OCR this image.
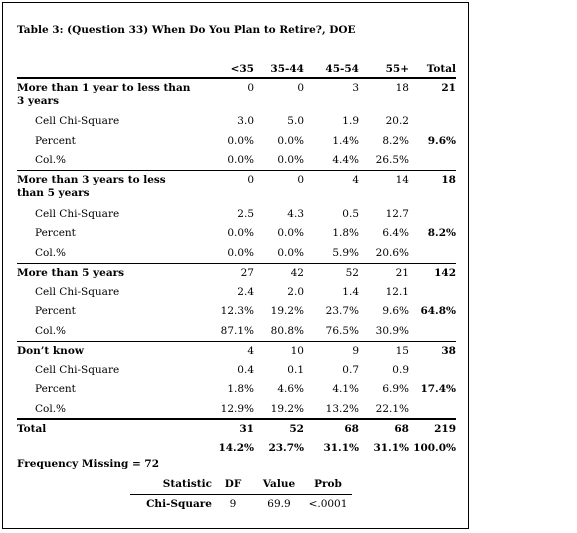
Table 3: (Question 33) When Do You Plan to Retire?, DOE
	<35	35-44	45-54	55+	Total
More than 1 year to less than 3 years	0	0	3	18	21
Cell Chi-Square	3.0	5.0	1.9	20.2	
Percent	0.0%	0.0%	1.4%	8.2%	9.6%
Col.%	0.0%	0.0%	4.4%	26.5%	
More than 3 years to less than 5 years	0	0	4	14	18
Cell Chi-Square	2.5	4.3	0.5	12.7	
Percent	0.0%	0.0%	1.8%	6.4%	8.2%
Col.%	0.0%	0.0%	5.9%	20.6%	
More than 5 years	27	42	52	21	142
Cell Chi-Square	2.4	2.0	1.4	12.1	
Percent	12.3%	19.2%	23.7%	9.6%	64.8%
Col.%	87.1%	80.8%	76.5%	30.9%	
Don’t know	4	10	9	15	38
Cell Chi-Square	0.4	0.1	0.7	0.9	
Percent	1.8%	4.6%	4.1%	6.9%	17.4%
Col.%	12.9%	19.2%	13.2%	22.1%	
Total	31	52	68	68	219
	14.2%	23.7%	31.1%	31.1%	100.0%
Frequency Missing = 72
Statistic	DF	Value	Prob
Chi-Square	9	69.9	<.0001
